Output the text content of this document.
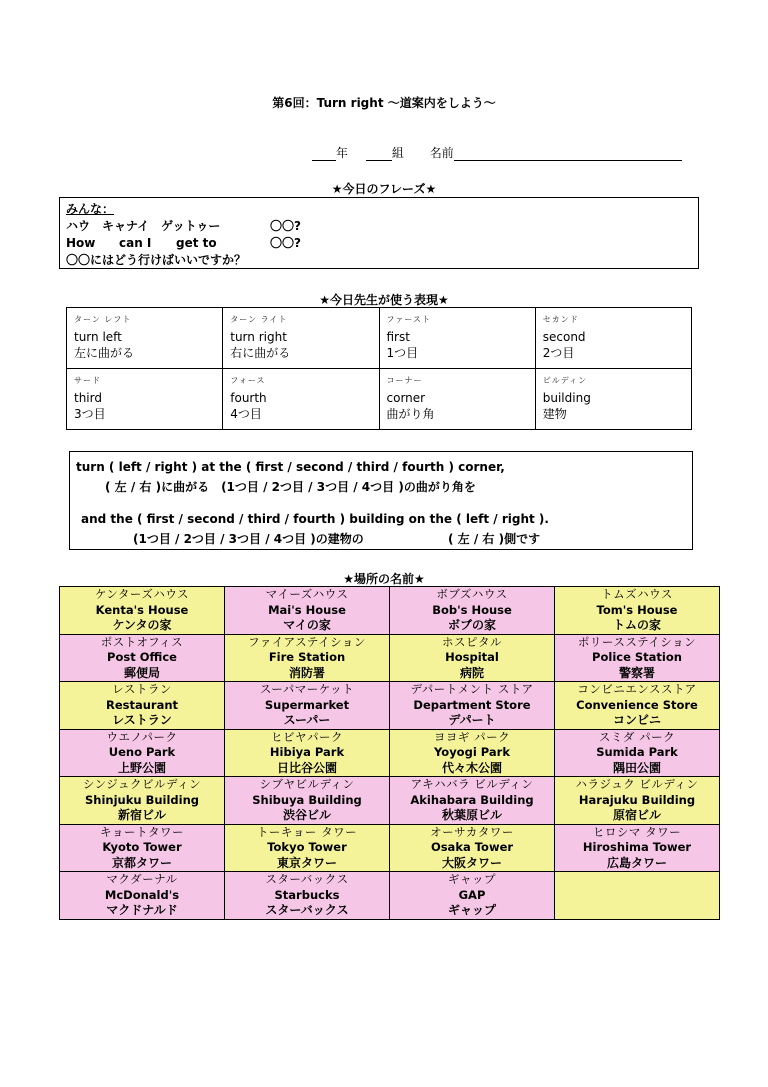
第6回：Turn right 〜道案内をしよう〜
年	組 名前
★今日のフレーズ★
みんな：
ハウ　キャナイ　ゲットゥー	〇〇?
How can I get to	〇〇?
〇〇にはどう行けばいいですか？
★今日先生が使う表現★
ターン レフト
turn left
左に曲がる	ターン ライト
turn right
右に曲がる	ファースト
first
1つ目	セカンド
second
2つ目

サード
third
3つ目	フォース
fourth
4つ目	コーナー
corner
曲がり角	ビルディン
building
建物
turn ( left / right ) at the ( first / second / third / fourth ) corner,
( 左 / 右 )に曲がる　(1つ目 / 2つ目 / 3つ目 / 4つ目 )の曲がり角を
and the ( first / second / third / fourth ) building on the ( left / right ).
(1つ目 / 2つ目 / 3つ目 / 4つ目 )の建物の	( 左 / 右 )側です
★場所の名前★
ケンターズハウス
Kenta's House
ケンタの家	マイーズハウス
Mai's House
マイの家	ボブズハウス
Bob's House
ボブの家	トムズハウス
Tom's House
トムの家

ポストオフィス
Post Office
郵便局	ファイアステイション
Fire Station
消防署	ホスピタル
Hospital
病院	ポリースステイション
Police Station
警察署

レストラン
Restaurant
レストラン	スーパマーケット
Supermarket
スーパー	デパートメント ストア
Department Store
デパート	コンビニエンスストア
Convenience Store
コンビニ

ウエノパーク
Ueno Park
上野公園	ヒビヤパーク
Hibiya Park
日比谷公園	ヨヨギ パーク
Yoyogi Park
代々木公園	スミダ パーク
Sumida Park
隅田公園

シンジュクビルディン
Shinjuku Building
新宿ビル	シブヤビルディン
Shibuya Building
渋谷ビル	アキハバラ ビルディン
Akihabara Building
秋葉原ビル	ハラジュク ビルディン
Harajuku Building
原宿ビル

キョートタワー
Kyoto Tower
京都タワー	トーキョー タワー
Tokyo Tower
東京タワー	オーサカタワー
Osaka Tower
大阪タワー	ヒロシマ タワー
Hiroshima Tower
広島タワー

マクダーナル
McDonald's
マクドナルド	スターバックス
Starbucks
スターバックス	ギャップ
GAP
ギャップ	
